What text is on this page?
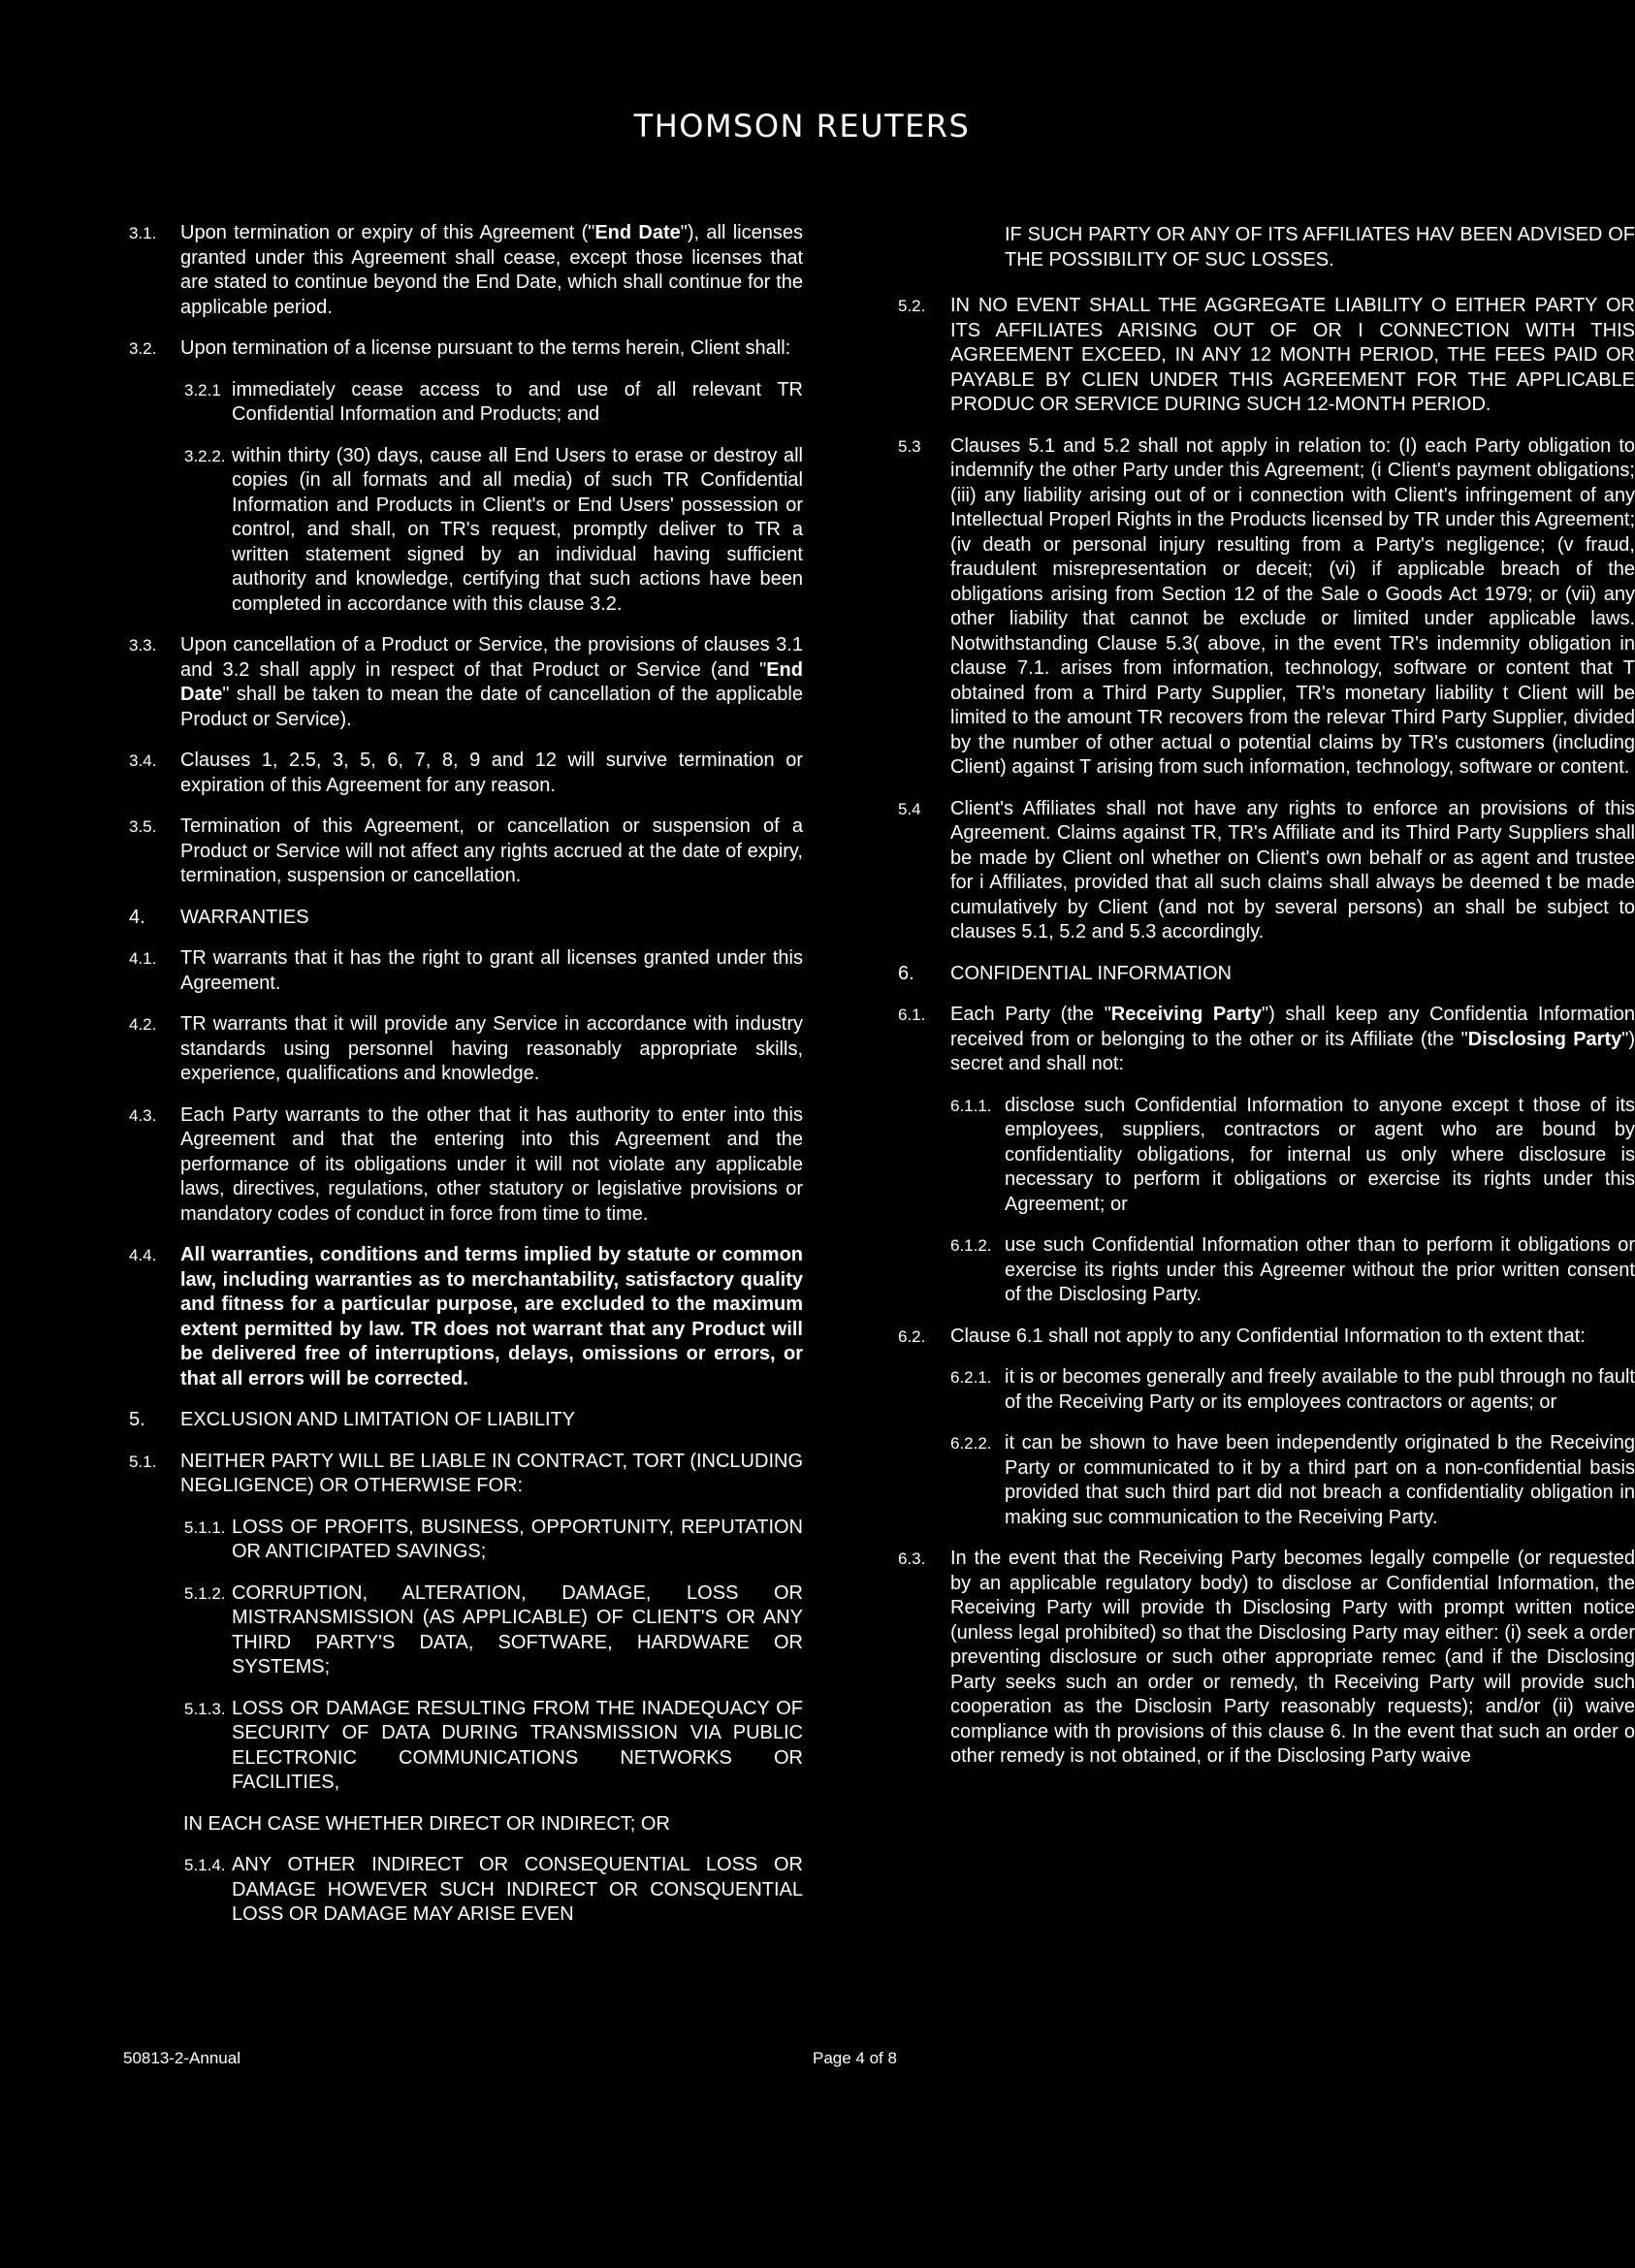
THOMSON REUTERS
3.1. Upon termination or expiry of this Agreement ("End Date"), all licenses granted under this Agreement shall cease, except those licenses that are stated to continue beyond the End Date, which shall continue for the applicable period.
3.2. Upon termination of a license pursuant to the terms herein, Client shall:
3.2.1 immediately cease access to and use of all relevant TR Confidential Information and Products; and
3.2.2. within thirty (30) days, cause all End Users to erase or destroy all copies (in all formats and all media) of such TR Confidential Information and Products in Client's or End Users' possession or control, and shall, on TR's request, promptly deliver to TR a written statement signed by an individual having sufficient authority and knowledge, certifying that such actions have been completed in accordance with this clause 3.2.
3.3. Upon cancellation of a Product or Service, the provisions of clauses 3.1 and 3.2 shall apply in respect of that Product or Service (and "End Date" shall be taken to mean the date of cancellation of the applicable Product or Service).
3.4. Clauses 1, 2.5, 3, 5, 6, 7, 8, 9 and 12 will survive termination or expiration of this Agreement for any reason.
3.5. Termination of this Agreement, or cancellation or suspension of a Product or Service will not affect any rights accrued at the date of expiry, termination, suspension or cancellation.
4. WARRANTIES
4.1. TR warrants that it has the right to grant all licenses granted under this Agreement.
4.2. TR warrants that it will provide any Service in accordance with industry standards using personnel having reasonably appropriate skills, experience, qualifications and knowledge.
4.3. Each Party warrants to the other that it has authority to enter into this Agreement and that the entering into this Agreement and the performance of its obligations under it will not violate any applicable laws, directives, regulations, other statutory or legislative provisions or mandatory codes of conduct in force from time to time.
4.4. All warranties, conditions and terms implied by statute or common law, including warranties as to merchantability, satisfactory quality and fitness for a particular purpose, are excluded to the maximum extent permitted by law. TR does not warrant that any Product will be delivered free of interruptions, delays, omissions or errors, or that all errors will be corrected.
5. EXCLUSION AND LIMITATION OF LIABILITY
5.1. NEITHER PARTY WILL BE LIABLE IN CONTRACT, TORT (INCLUDING NEGLIGENCE) OR OTHERWISE FOR:
5.1.1. LOSS OF PROFITS, BUSINESS, OPPORTUNITY, REPUTATION OR ANTICIPATED SAVINGS;
5.1.2. CORRUPTION, ALTERATION, DAMAGE, LOSS OR MISTRANSMISSION (AS APPLICABLE) OF CLIENT'S OR ANY THIRD PARTY'S DATA, SOFTWARE, HARDWARE OR SYSTEMS;
5.1.3. LOSS OR DAMAGE RESULTING FROM THE INADEQUACY OF SECURITY OF DATA DURING TRANSMISSION VIA PUBLIC ELECTRONIC COMMUNICATIONS NETWORKS OR FACILITIES,
IN EACH CASE WHETHER DIRECT OR INDIRECT; OR
5.1.4. ANY OTHER INDIRECT OR CONSEQUENTIAL LOSS OR DAMAGE HOWEVER SUCH INDIRECT OR CONSQUENTIAL LOSS OR DAMAGE MAY ARISE EVEN
IF SUCH PARTY OR ANY OF ITS AFFILIATES HAV BEEN ADVISED OF THE POSSIBILITY OF SUC LOSSES.
5.2. IN NO EVENT SHALL THE AGGREGATE LIABILITY O EITHER PARTY OR ITS AFFILIATES ARISING OUT OF OR I CONNECTION WITH THIS AGREEMENT EXCEED, IN ANY 12 MONTH PERIOD, THE FEES PAID OR PAYABLE BY CLIEN UNDER THIS AGREEMENT FOR THE APPLICABLE PRODUC OR SERVICE DURING SUCH 12-MONTH PERIOD.
5.3 Clauses 5.1 and 5.2 shall not apply in relation to: (I) each Party obligation to indemnify the other Party under this Agreement; (i Client's payment obligations; (iii) any liability arising out of or i connection with Client's infringement of any Intellectual Properl Rights in the Products licensed by TR under this Agreement; (iv death or personal injury resulting from a Party's negligence; (v fraud, fraudulent misrepresentation or deceit; (vi) if applicable breach of the obligations arising from Section 12 of the Sale o Goods Act 1979; or (vii) any other liability that cannot be exclude or limited under applicable laws. Notwithstanding Clause 5.3( above, in the event TR's indemnity obligation in clause 7.1. arises from information, technology, software or content that T obtained from a Third Party Supplier, TR's monetary liability t Client will be limited to the amount TR recovers from the relevar Third Party Supplier, divided by the number of other actual o potential claims by TR's customers (including Client) against T arising from such information, technology, software or content.
5.4 Client's Affiliates shall not have any rights to enforce an provisions of this Agreement. Claims against TR, TR's Affiliate and its Third Party Suppliers shall be made by Client onl whether on Client's own behalf or as agent and trustee for i Affiliates, provided that all such claims shall always be deemed t be made cumulatively by Client (and not by several persons) an shall be subject to clauses 5.1, 5.2 and 5.3 accordingly.
6. CONFIDENTIAL INFORMATION
6.1. Each Party (the "Receiving Party") shall keep any Confidentia Information received from or belonging to the other or its Affiliate (the "Disclosing Party") secret and shall not:
6.1.1. disclose such Confidential Information to anyone except t those of its employees, suppliers, contractors or agent who are bound by confidentiality obligations, for internal us only where disclosure is necessary to perform it obligations or exercise its rights under this Agreement; or
6.1.2. use such Confidential Information other than to perform it obligations or exercise its rights under this Agreemer without the prior written consent of the Disclosing Party.
6.2. Clause 6.1 shall not apply to any Confidential Information to th extent that:
6.2.1. it is or becomes generally and freely available to the publ through no fault of the Receiving Party or its employees contractors or agents; or
6.2.2. it can be shown to have been independently originated b the Receiving Party or communicated to it by a third part on a non-confidential basis provided that such third part did not breach a confidentiality obligation in making suc communication to the Receiving Party.
6.3. In the event that the Receiving Party becomes legally compelle (or requested by an applicable regulatory body) to disclose ar Confidential Information, the Receiving Party will provide th Disclosing Party with prompt written notice (unless legal prohibited) so that the Disclosing Party may either: (i) seek a order preventing disclosure or such other appropriate remec (and if the Disclosing Party seeks such an order or remedy, th Receiving Party will provide such cooperation as the Disclosin Party reasonably requests); and/or (ii) waive compliance with th provisions of this clause 6. In the event that such an order o other remedy is not obtained, or if the Disclosing Party waive
50813-2-Annual	Page 4 of 8
